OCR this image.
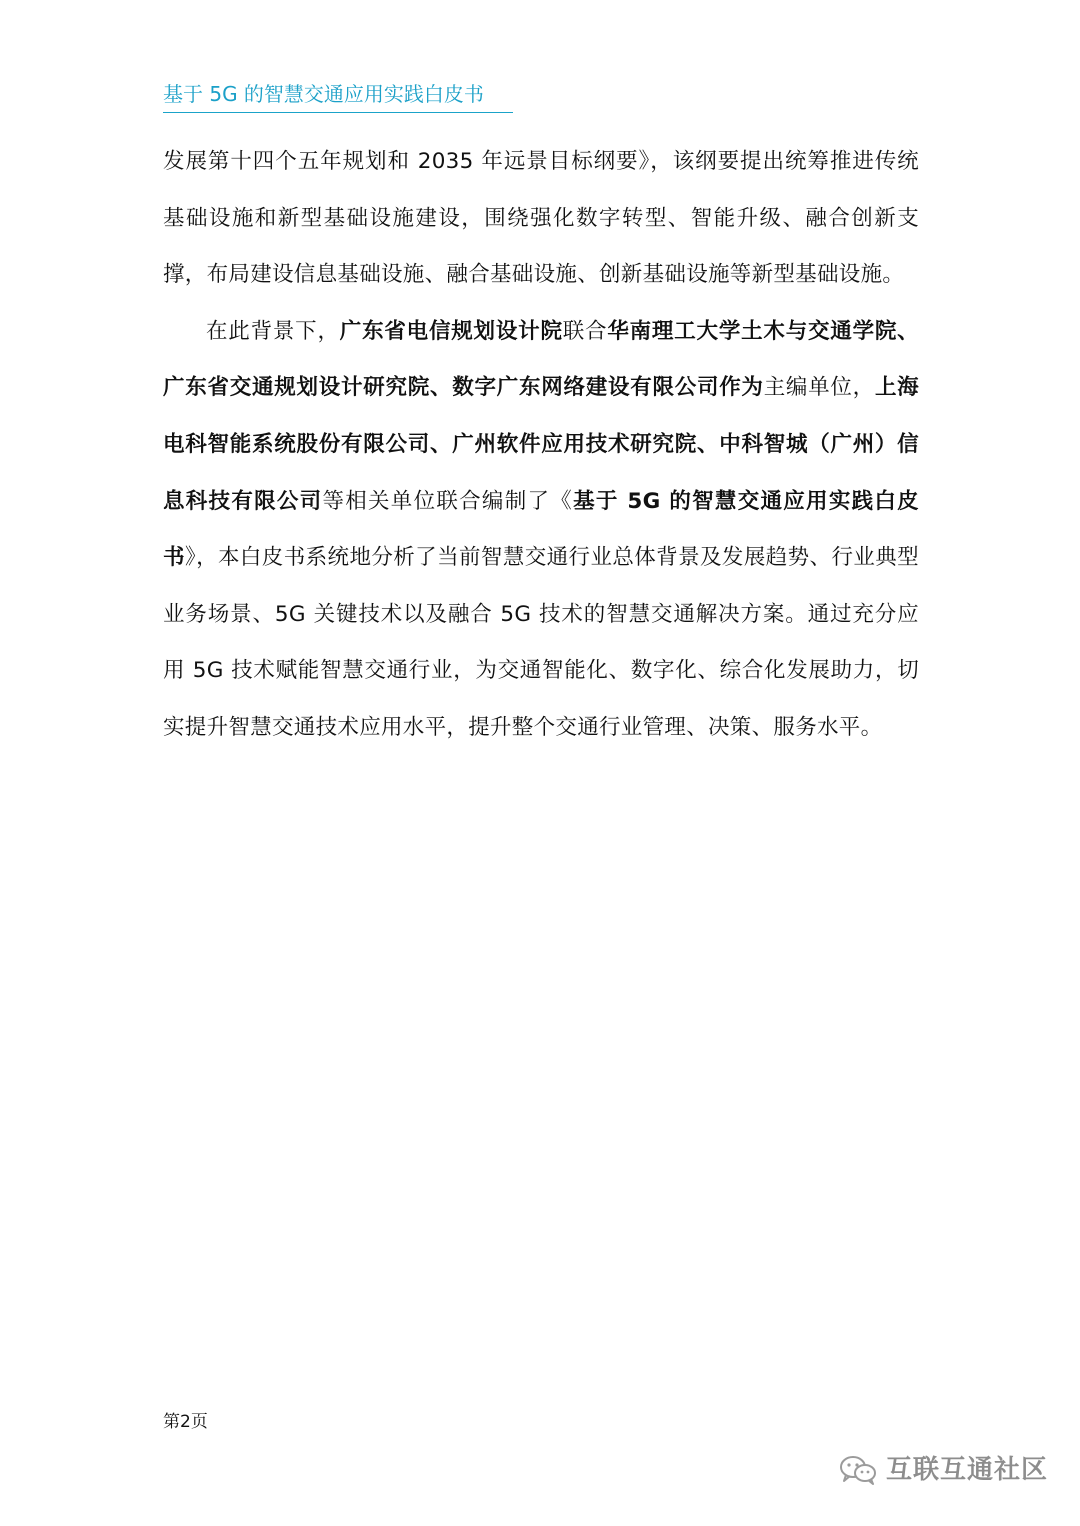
基于 5G 的智慧交通应用实践白皮书

发展第十四个五年规划和 2035 年远景目标纲要》，该纲要提出统筹推进传统基础设施和新型基础设施建设，围绕强化数字转型、智能升级、融合创新支撑，布局建设信息基础设施、融合基础设施、创新基础设施等新型基础设施。

在此背景下，广东省电信规划设计院联合华南理工大学土木与交通学院、广东省交通规划设计研究院、数字广东网络建设有限公司作为主编单位，上海电科智能系统股份有限公司、广州软件应用技术研究院、中科智城（广州）信息科技有限公司等相关单位联合编制了《基于 5G 的智慧交通应用实践白皮书》，本白皮书系统地分析了当前智慧交通行业总体背景及发展趋势、行业典型业务场景、5G 关键技术以及融合 5G 技术的智慧交通解决方案。通过充分应用 5G 技术赋能智慧交通行业，为交通智能化、数字化、综合化发展助力，切实提升智慧交通技术应用水平，提升整个交通行业管理、决策、服务水平。

第2页
互联互通社区
